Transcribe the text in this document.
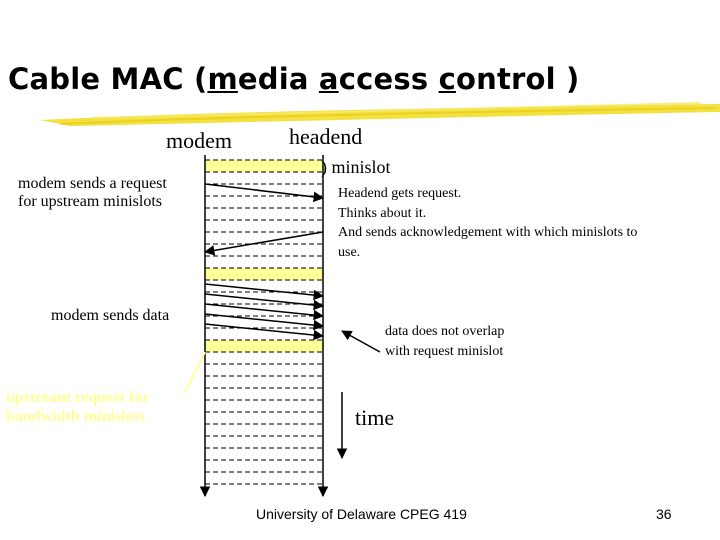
Cable MAC (media access control )
modem	headend
) minislot
modem sends a request
for upstream minislots	Headend gets request.
Thinks about it.
And sends acknowledgement with which minislots to
use.
modem sends data
data does not overlap
with request minislot
upstream request for
bandwidth minislots	time
University of Delaware CPEG 419	36
